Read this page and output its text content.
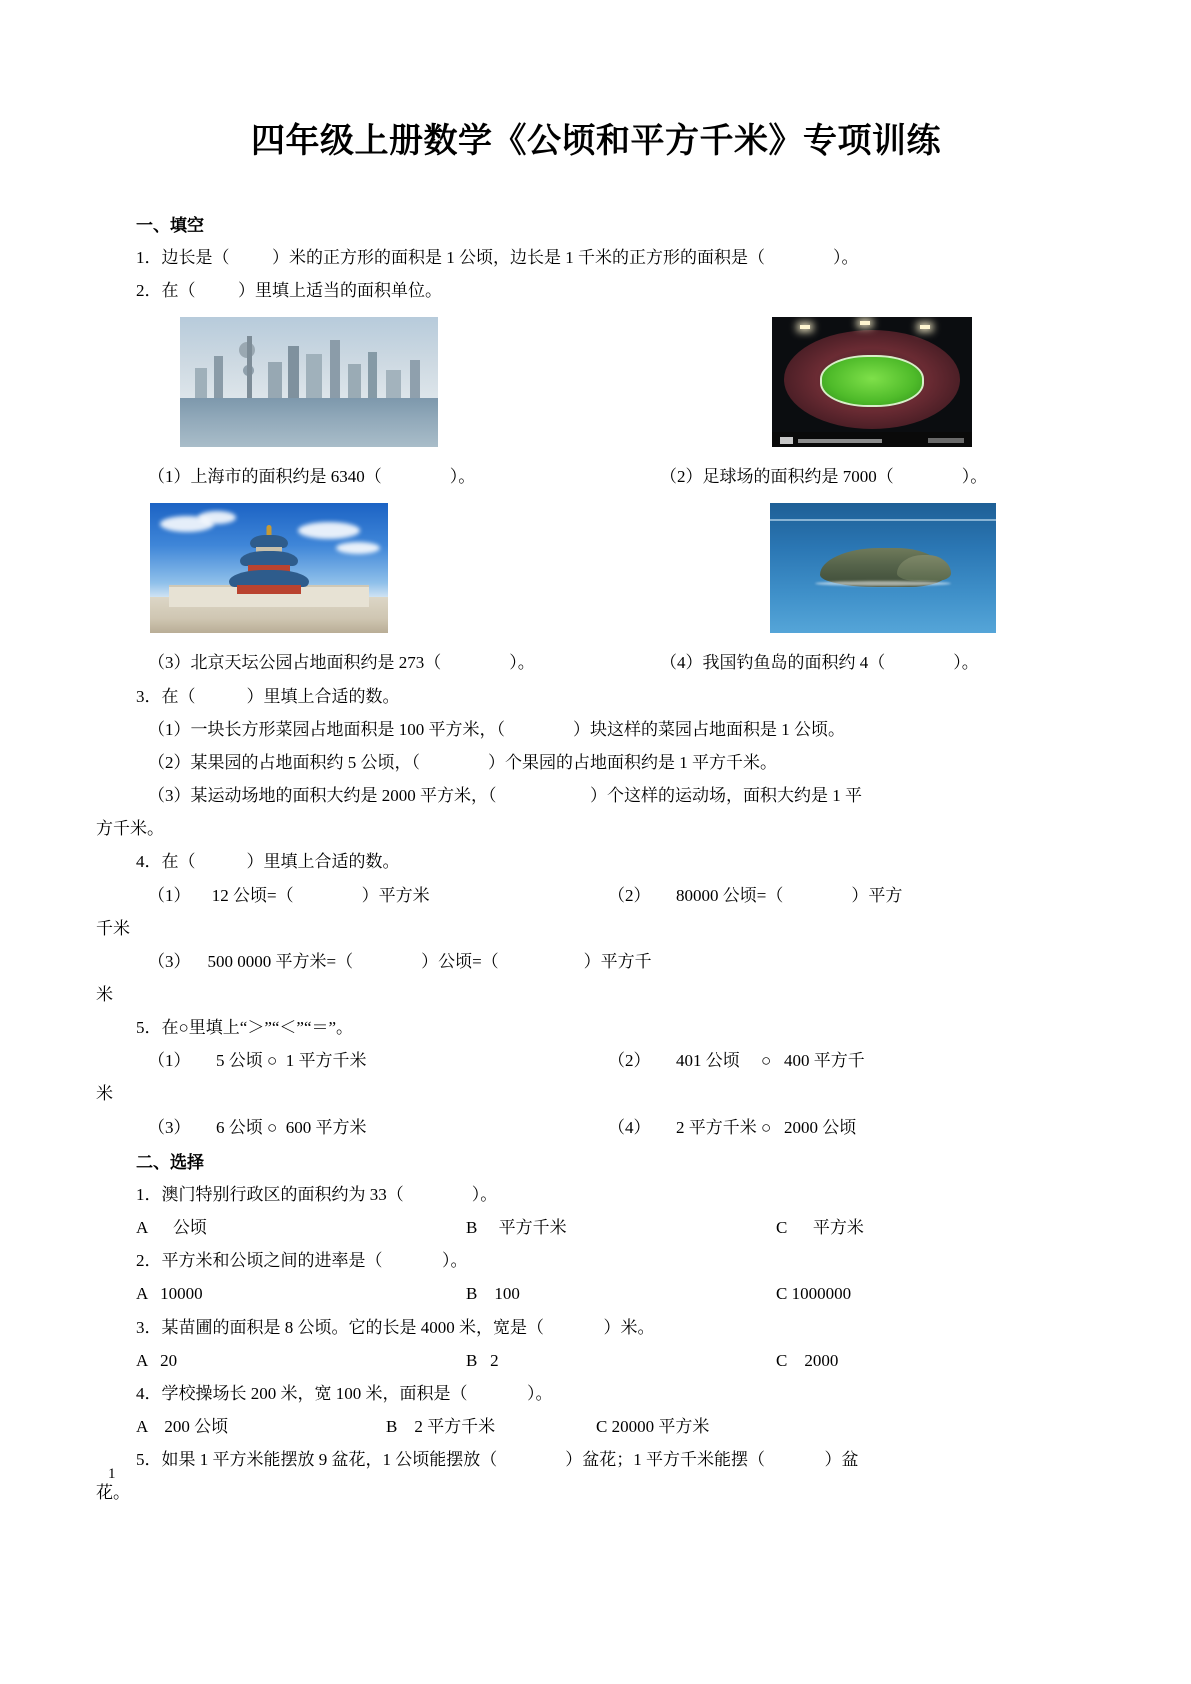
四年级上册数学《公顷和平方千米》专项训练
一、填空

1．边长是（          ）米的正方形的面积是 1 公顷，边长是 1 千米的正方形的面积是（                ）。

2．在（          ）里填上适当的面积单位。

（1）上海市的面积约是 6340（                ）。	（2）足球场的面积约是 7000（                ）。
（3）北京天坛公园占地面积约是 273（                ）。	（4）我国钓鱼岛的面积约 4（                ）。

3．在（            ）里填上合适的数。

（1）一块长方形菜园占地面积是 100 平方米，（                ）块这样的菜园占地面积是 1 公顷。

（2）某果园的占地面积约 5 公顷，（                ）个果园的占地面积约是 1 平方千米。

（3）某运动场地的面积大约是 2000 平方米，（                      ）个这样的运动场，面积大约是 1 平

方千米。

4．在（            ）里填上合适的数。

（1）     12 公顷=（                ）平方米	（2）      80000 公顷=（                ）平方

千米

（3）    500 0000 平方米=（                ）公顷=（                    ）平方千

米

5．在○里填上“＞”“＜”“＝”。

（1）      5 公顷 ○  1 平方千米	（2）      401 公顷     ○   400 平方千

米

（3）      6 公顷 ○  600 平方米	（4）      2 平方千米 ○   2000 公顷
二、选择

1．澳门特别行政区的面积约为 33（                ）。

A      公顷	B     平方千米	C      平方米

2．平方米和公顷之间的进率是（              ）。

A   10000	B    100	C 1000000

3．某苗圃的面积是 8 公顷。它的长是 4000 米，宽是（              ）米。

A   20	B   2	C    2000

4．学校操场长 200 米，宽 100 米，面积是（              ）。

A    200 公顷	B    2 平方千米	C 20000 平方米

5．如果 1 平方米能摆放 9 盆花，1 公顷能摆放（                ）盆花；1 平方千米能摆（              ）盆

花。

1
